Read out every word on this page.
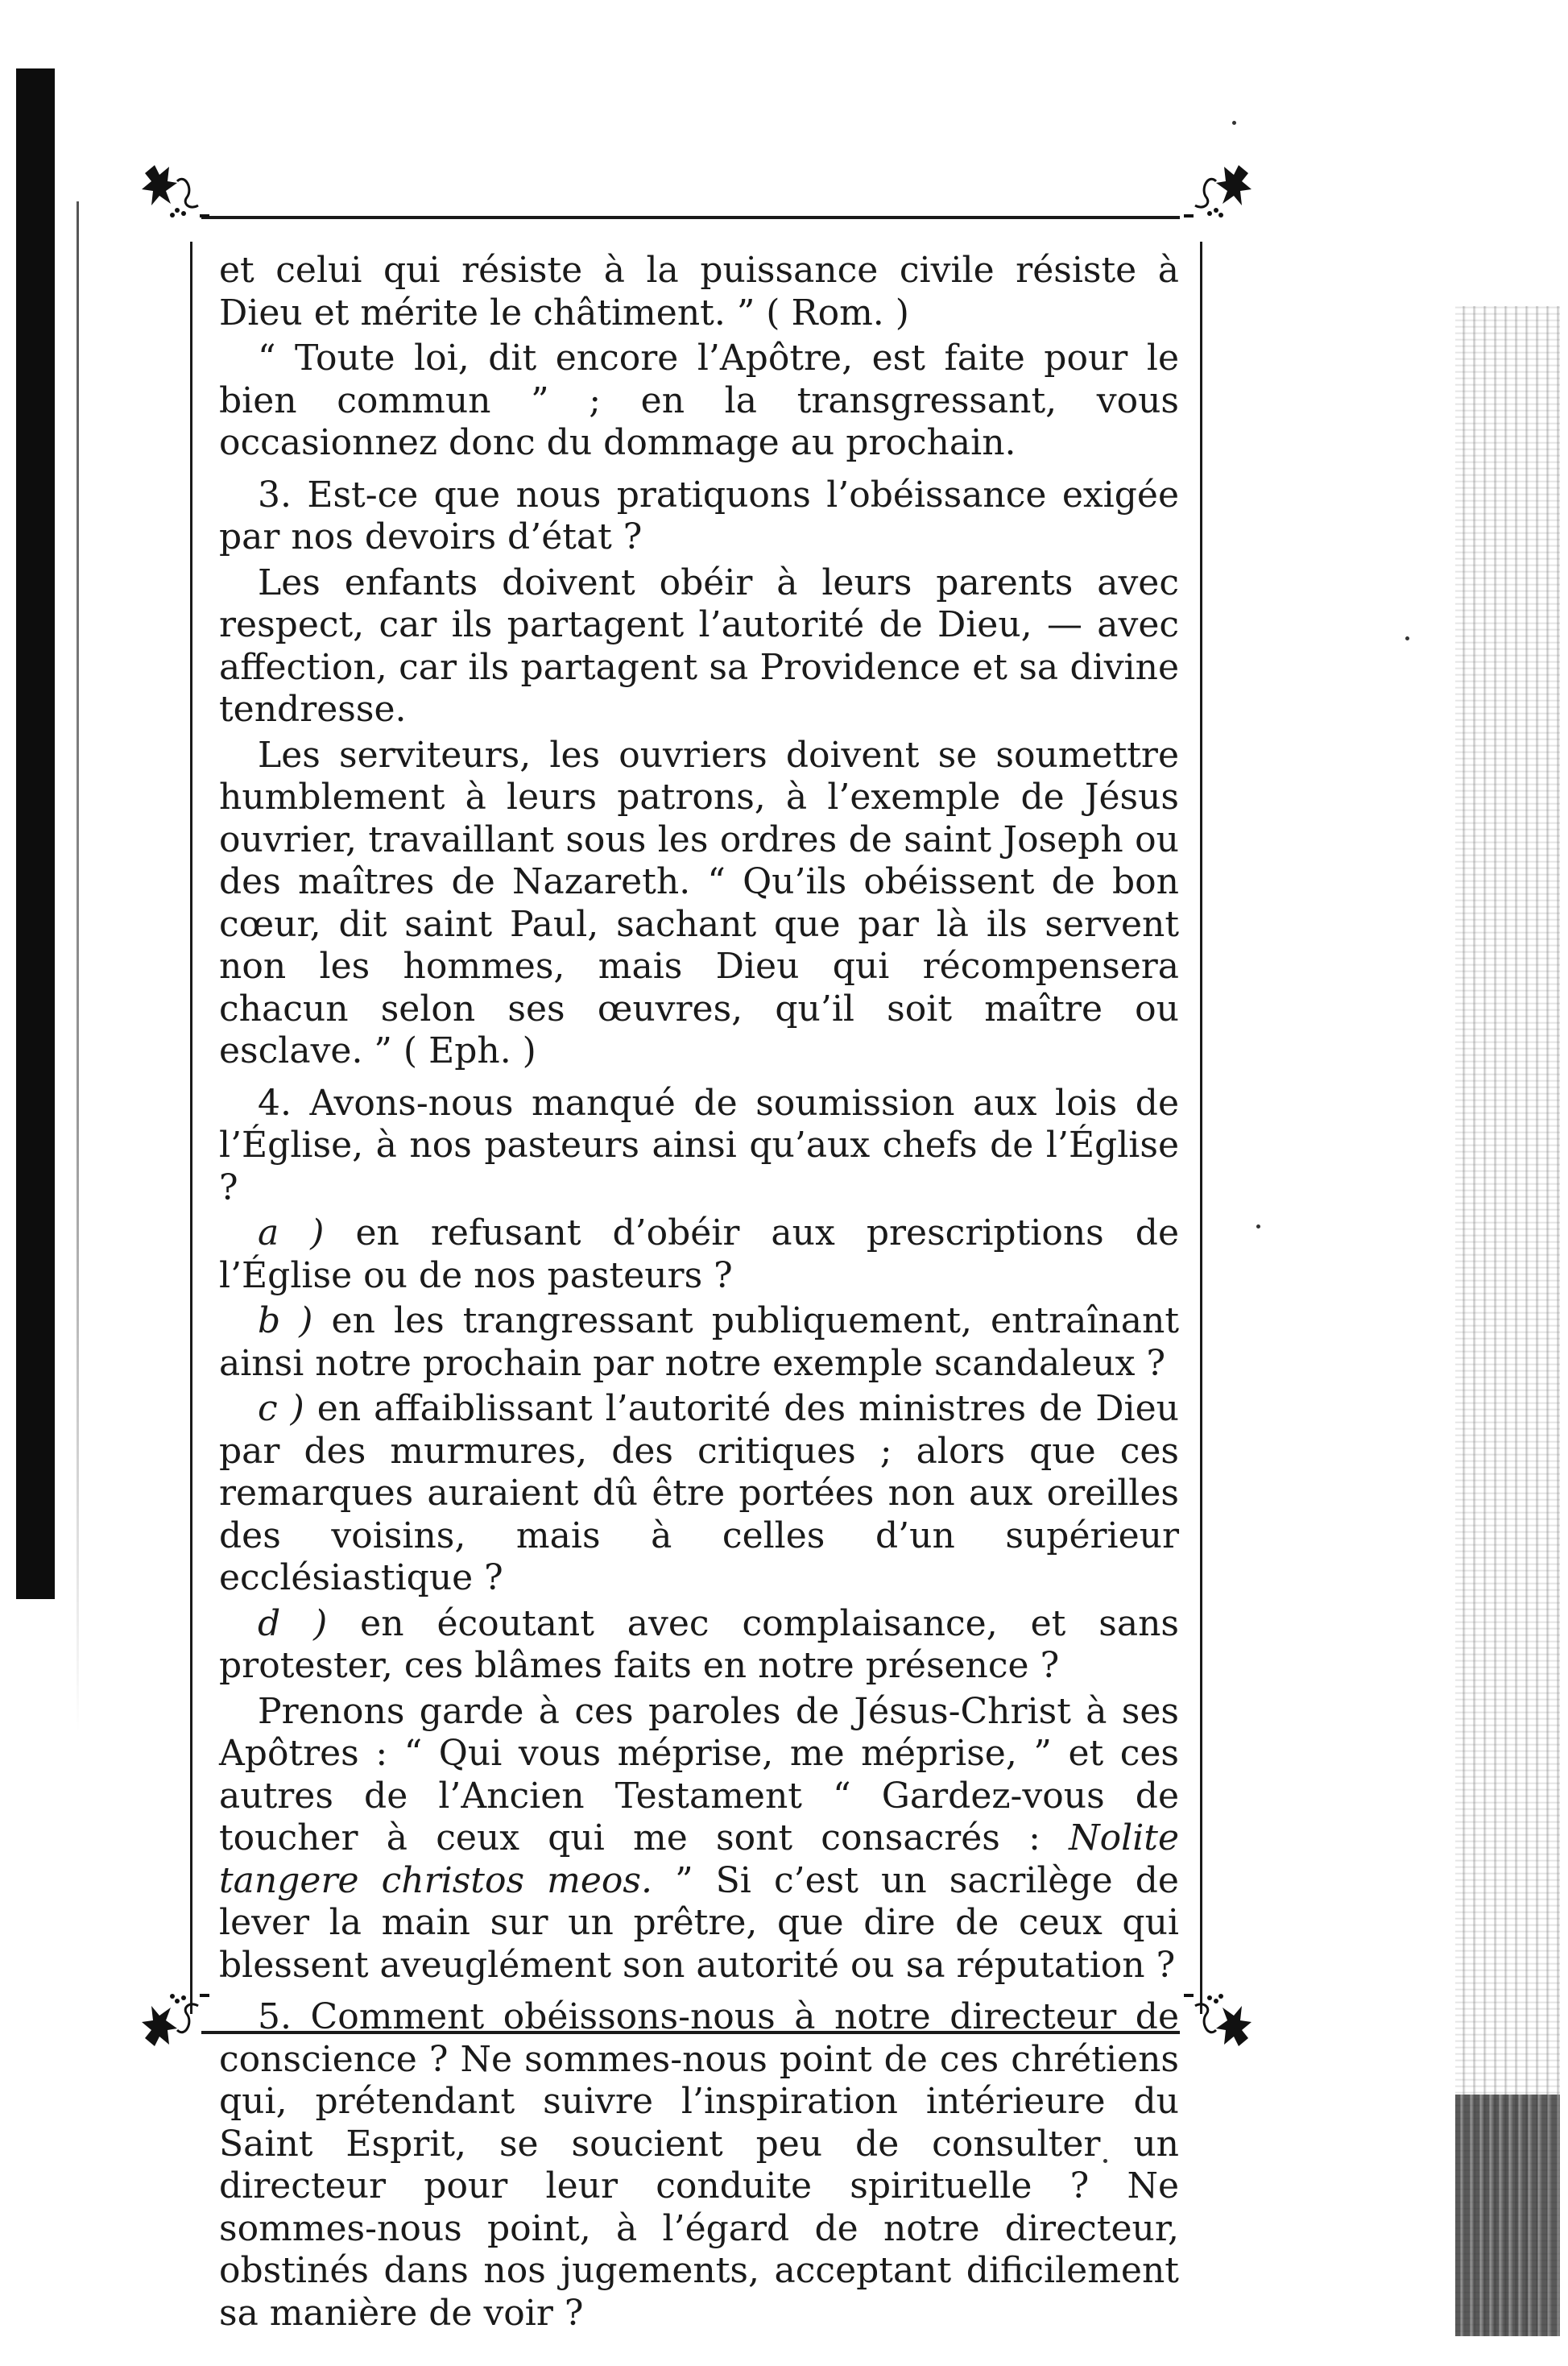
et celui qui résiste à la puissance civile résiste à Dieu et mérite le châtiment. ” ( Rom. )

“ Toute loi, dit encore l’Apôtre, est faite pour le bien commun ” ; en la transgressant, vous occasionnez donc du dommage au prochain.

3. Est-ce que nous pratiquons l’obéissance exigée par nos devoirs d’état ?

Les enfants doivent obéir à leurs parents avec respect, car ils partagent l’autorité de Dieu, — avec affection, car ils partagent sa Providence et sa divine tendresse.

Les serviteurs, les ouvriers doivent se soumettre humblement à leurs patrons, à l’exemple de Jésus ouvrier, travaillant sous les ordres de saint Joseph ou des maîtres de Nazareth. “ Qu’ils obéissent de bon cœur, dit saint Paul, sachant que par là ils servent non les hommes, mais Dieu qui récompensera chacun selon ses œuvres, qu’il soit maître ou esclave. ” ( Eph. )

4. Avons-nous manqué de soumission aux lois de l’Église, à nos pasteurs ainsi qu’aux chefs de l’Église ?

a ) en refusant d’obéir aux prescriptions de l’Église ou de nos pasteurs ?

b ) en les trangressant publiquement, entraînant ainsi notre prochain par notre exemple scandaleux ?

c ) en affaiblissant l’autorité des ministres de Dieu par des murmures, des critiques ; alors que ces remarques auraient dû être portées non aux oreilles des voisins, mais à celles d’un supérieur ecclésiastique ?

d ) en écoutant avec complaisance, et sans protester, ces blâmes faits en notre présence ?

Prenons garde à ces paroles de Jésus-Christ à ses Apôtres : “ Qui vous méprise, me méprise, ” et ces autres de l’Ancien Testament “ Gardez-vous de toucher à ceux qui me sont consacrés : Nolite tangere christos meos. ” Si c’est un sacrilège de lever la main sur un prêtre, que dire de ceux qui blessent aveuglément son autorité ou sa réputation ?

5. Comment obéissons-nous à notre directeur de conscience ? Ne sommes-nous point de ces chrétiens qui, prétendant suivre l’inspiration intérieure du Saint Esprit, se soucient peu de consulter un directeur pour leur conduite spirituelle ? Ne sommes-nous point, à l’égard de notre directeur, obstinés dans nos jugements, acceptant dificilement sa manière de voir ?
